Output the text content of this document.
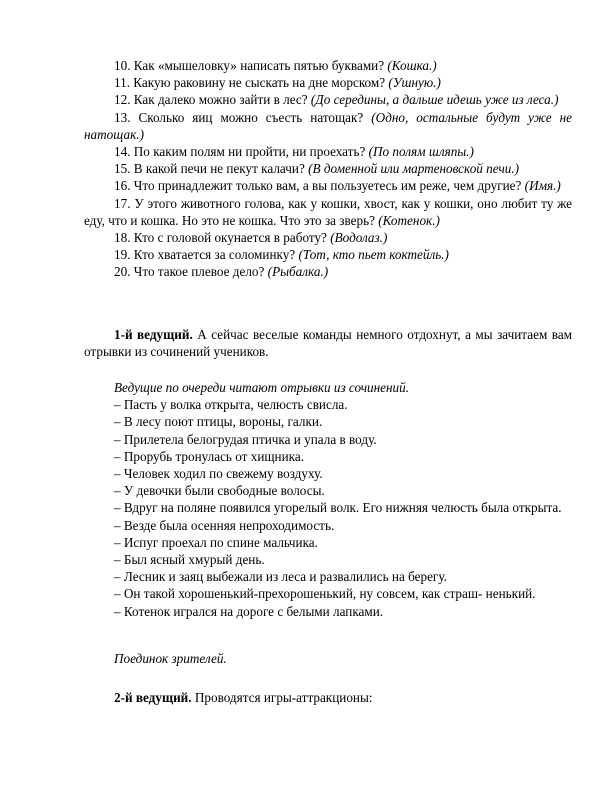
10. Как «мышеловку» написать пятью буквами? (Кошка.)

11. Какую раковину не сыскать на дне морском? (Ушную.)

12. Как далеко можно зайти в лес? (До середины, а дальше идешь уже из леса.)

13. Сколько яиц можно съесть натощак? (Одно, остальные будут уже не натощак.)

14. По каким полям ни пройти, ни проехать? (По полям шляпы.)

15. В какой печи не пекут калачи? (В доменной или мартеновской печи.)

16. Что принадлежит только вам, а вы пользуетесь им реже, чем другие? (Имя.)

17. У этого животного голова, как у кошки, хвост, как у кошки, оно любит ту же еду, что и кошка. Но это не кошка. Что это за зверь? (Котенок.)

18. Кто с головой окунается в работу? (Водолаз.)

19. Кто хватается за соломинку? (Тот, кто пьет коктейль.)

20. Что такое плевое дело? (Рыбалка.)

1-й ведущий. А сейчас веселые команды немного отдохнут, а мы зачитаем вам отрывки из сочинений учеников.

Ведущие по очереди читают отрывки из сочинений.

– Пасть у волка открыта, челюсть свисла.

– В лесу поют птицы, вороны, галки.

– Прилетела белогрудая птичка и упала в воду.

– Прорубь тронулась от хищника.

– Человек ходил по свежему воздуху.

– У девочки были свободные волосы.

– Вдруг на поляне появился угорелый волк. Его нижняя челюсть была открыта.

– Везде была осенняя непроходимость.

– Испуг проехал по спине мальчика.

– Был ясный хмурый день.

– Лесник и заяц выбежали из леса и развалились на берегу.

– Он такой хорошенький-прехорошенький, ну совсем, как страш- ненький.

– Котенок игрался на дороге с белыми лапками.

Поединок зрителей.

2-й ведущий. Проводятся игры-аттракционы:
